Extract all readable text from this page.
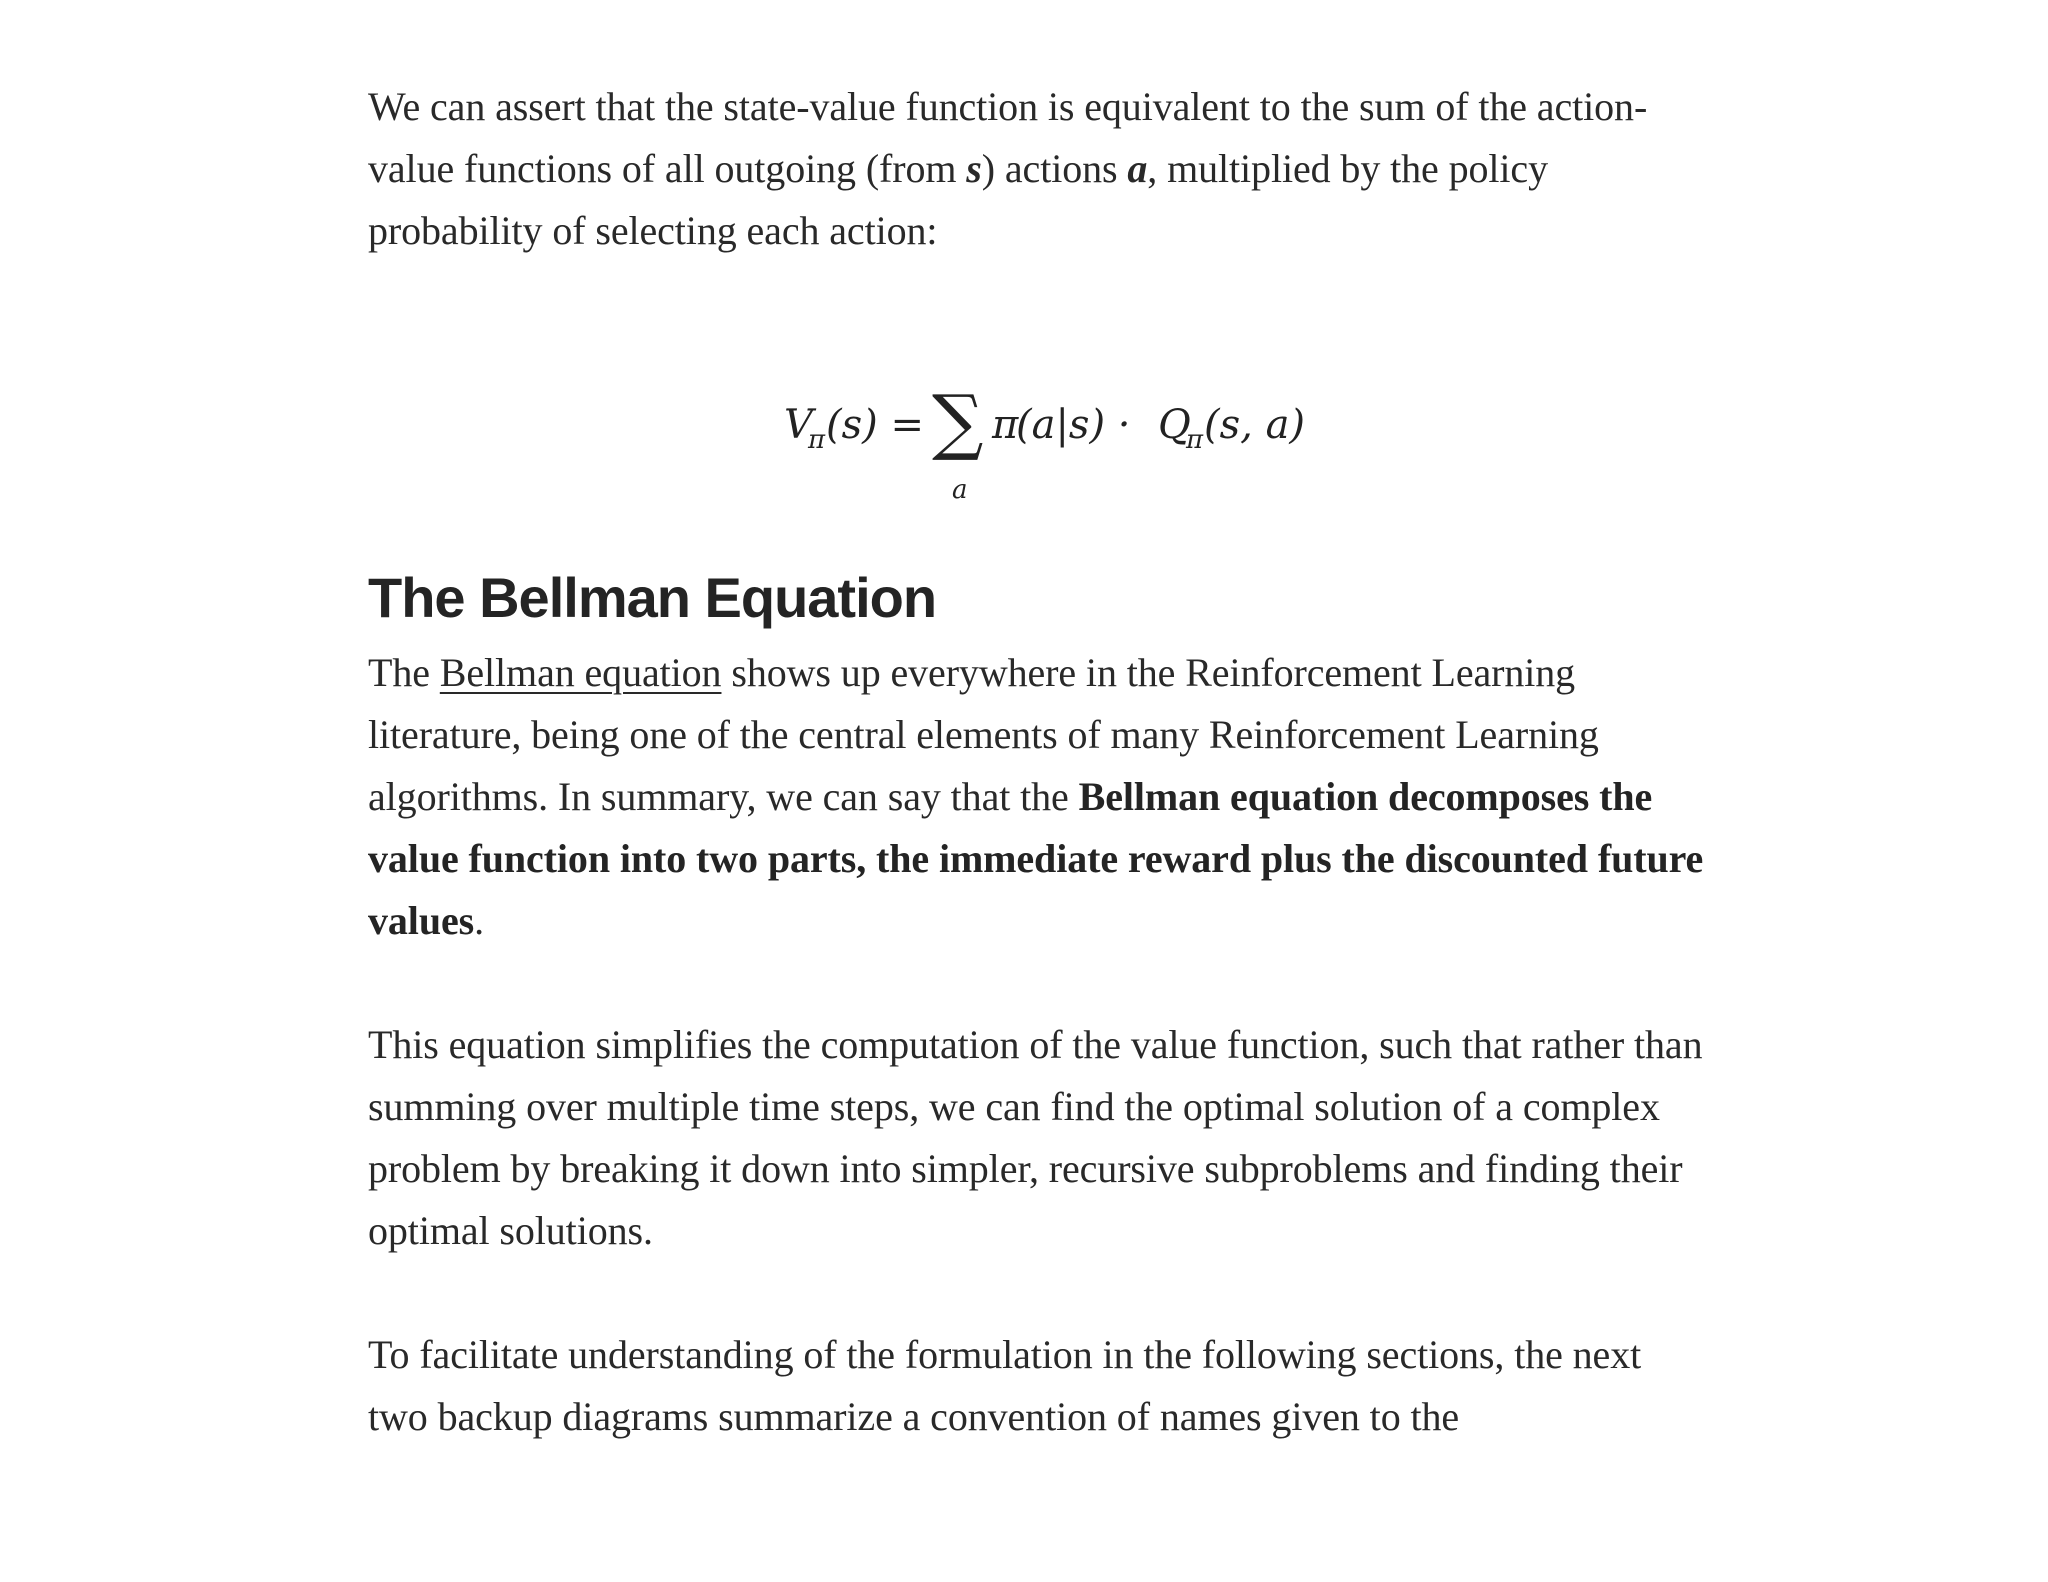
We can assert that the state-value function is equivalent to the sum of the action-value functions of all outgoing (from s) actions a, multiplied by the policy probability of selecting each action:

V
π (s) = ∑
a
π
(a|s) · Q
π (s, a)
The Bellman Equation

The Bellman equation shows up everywhere in the Reinforcement Learning literature, being one of the central elements of many Reinforcement Learning algorithms. In summary, we can say that the Bellman equation decomposes the value function into two parts, the immediate reward plus the discounted future values.

This equation simplifies the computation of the value function, such that rather than summing over multiple time steps, we can find the optimal solution of a complex problem by breaking it down into simpler, recursive subproblems and finding their optimal solutions.

To facilitate understanding of the formulation in the following sections, the next two backup diagrams summarize a convention of names given to the
